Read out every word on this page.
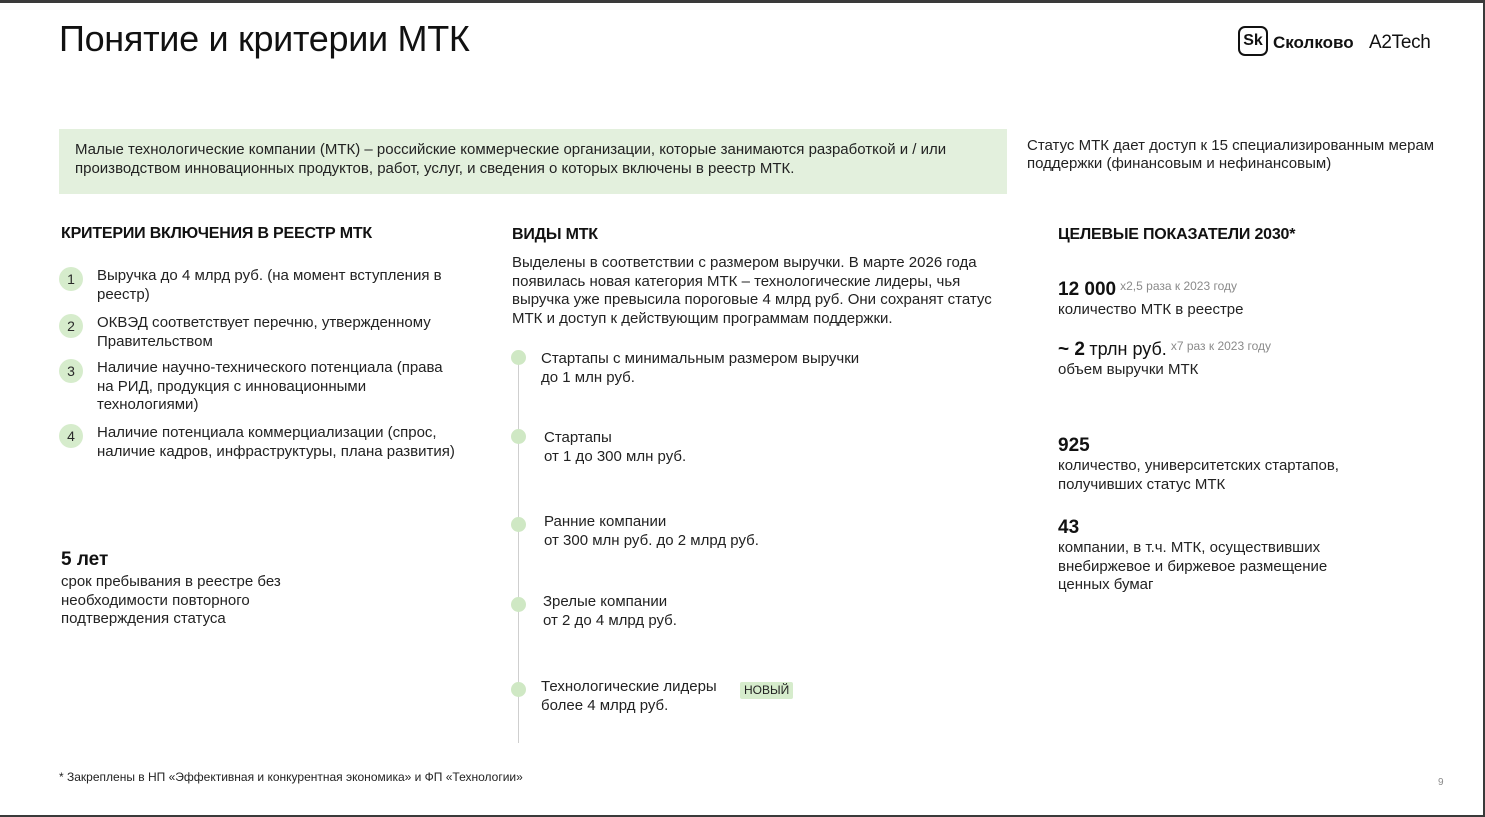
Понятие и критерии МТК	Sk Сколково A2Tech
Малые технологические компании (МТК) – российские коммерческие организации, которые занимаются разработкой и / или производством инновационных продуктов, работ, услуг, и сведения о которых включены в реестр МТК.
Статус МТК дает доступ к 15 специализированным мерам поддержки (финансовым и нефинансовым)
КРИТЕРИИ ВКЛЮЧЕНИЯ В РЕЕСТР МТК
1	Выручка до 4 млрд руб. (на момент вступления в реестр)
2	ОКВЭД соответствует перечню, утвержденному Правительством
3	Наличие научно-технического потенциала (права на РИД, продукция с инновационными технологиями)
4	Наличие потенциала коммерциализации (спрос, наличие кадров, инфраструктуры, плана развития)
5 лет
срок пребывания в реестре без необходимости повторного подтверждения статуса
ВИДЫ МТК
Выделены в соответствии с размером выручки. В марте 2026 года появилась новая категория МТК – технологические лидеры, чья выручка уже превысила пороговые 4 млрд руб. Они сохранят статус МТК и доступ к действующим программам поддержки.
Стартапы с минимальным размером выручки
до 1 млн руб.
Стартапы
от 1 до 300 млн руб.
Ранние компании
от 300 млн руб. до 2 млрд руб.
Зрелые компании
от 2 до 4 млрд руб.
Технологические лидеры
более 4 млрд руб.
НОВЫЙ
ЦЕЛЕВЫЕ ПОКАЗАТЕЛИ 2030*
12 000 $^{x2,5 раза к 2023 году}$
количество МТК в реестре
~ 2 трлн руб. $^{x7 раз к 2023 году}$
объем выручки МТК
925
количество, университетских стартапов, получивших статус МТК
43
компании, в т.ч. МТК, осуществивших внебиржевое и биржевое размещение ценных бумаг
* Закреплены в НП «Эффективная и конкурентная экономика» и ФП «Технологии»	9
